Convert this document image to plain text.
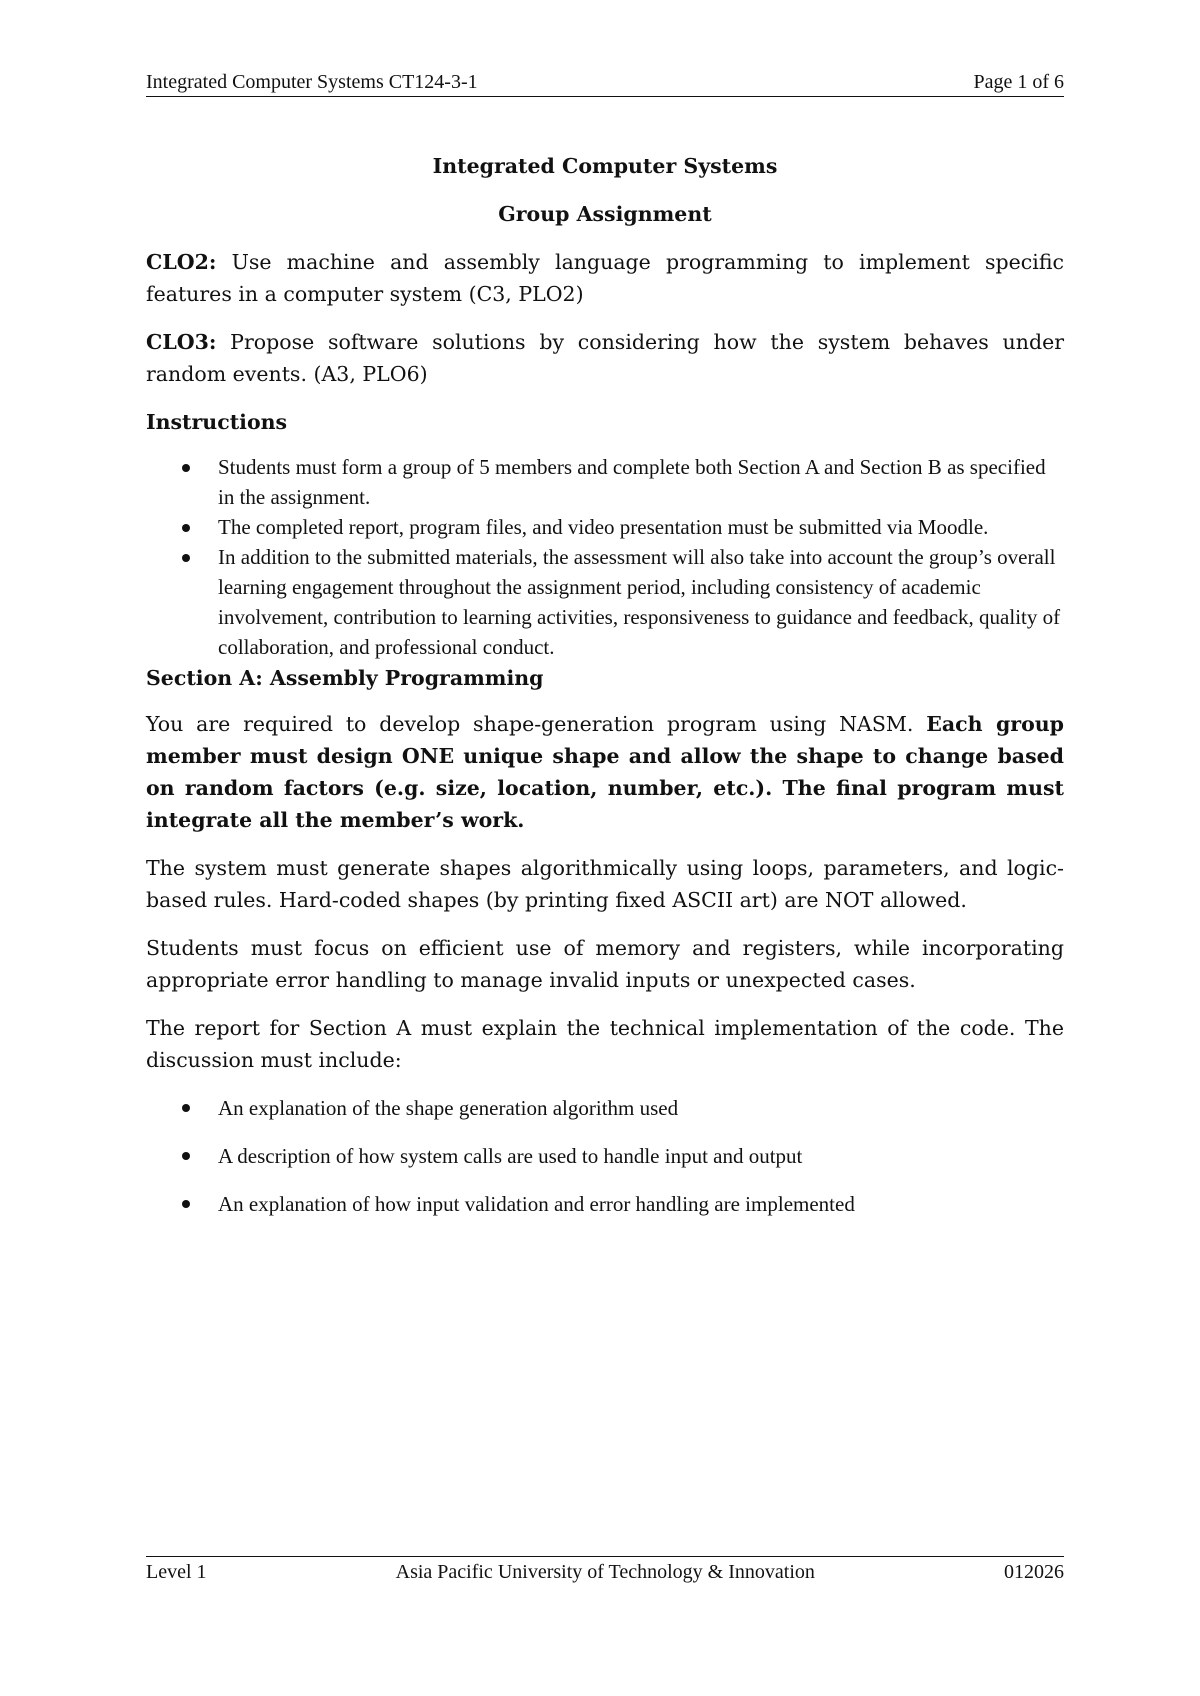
Integrated Computer Systems CT124-3-1	Page 1 of 6

Integrated Computer Systems

Group Assignment

CLO2: Use machine and assembly language programming to implement specific features in a computer system (C3, PLO2)

CLO3: Propose software solutions by considering how the system behaves under random events. (A3, PLO6)

Instructions

Students must form a group of 5 members and complete both Section A and Section B as specified in the assignment.
The completed report, program files, and video presentation must be submitted via Moodle.
In addition to the submitted materials, the assessment will also take into account the group’s overall learning engagement throughout the assignment period, including consistency of academic involvement, contribution to learning activities, responsiveness to guidance and feedback, quality of collaboration, and professional conduct.

Section A: Assembly Programming

You are required to develop shape-generation program using NASM. Each group member must design ONE unique shape and allow the shape to change based on random factors (e.g. size, location, number, etc.). The final program must integrate all the member’s work.

The system must generate shapes algorithmically using loops, parameters, and logic-based rules. Hard-coded shapes (by printing fixed ASCII art) are NOT allowed.

Students must focus on efficient use of memory and registers, while incorporating appropriate error handling to manage invalid inputs or unexpected cases.

The report for Section A must explain the technical implementation of the code. The discussion must include:

An explanation of the shape generation algorithm used
A description of how system calls are used to handle input and output
An explanation of how input validation and error handling are implemented
Level 1	Asia Pacific University of Technology & Innovation	012026
